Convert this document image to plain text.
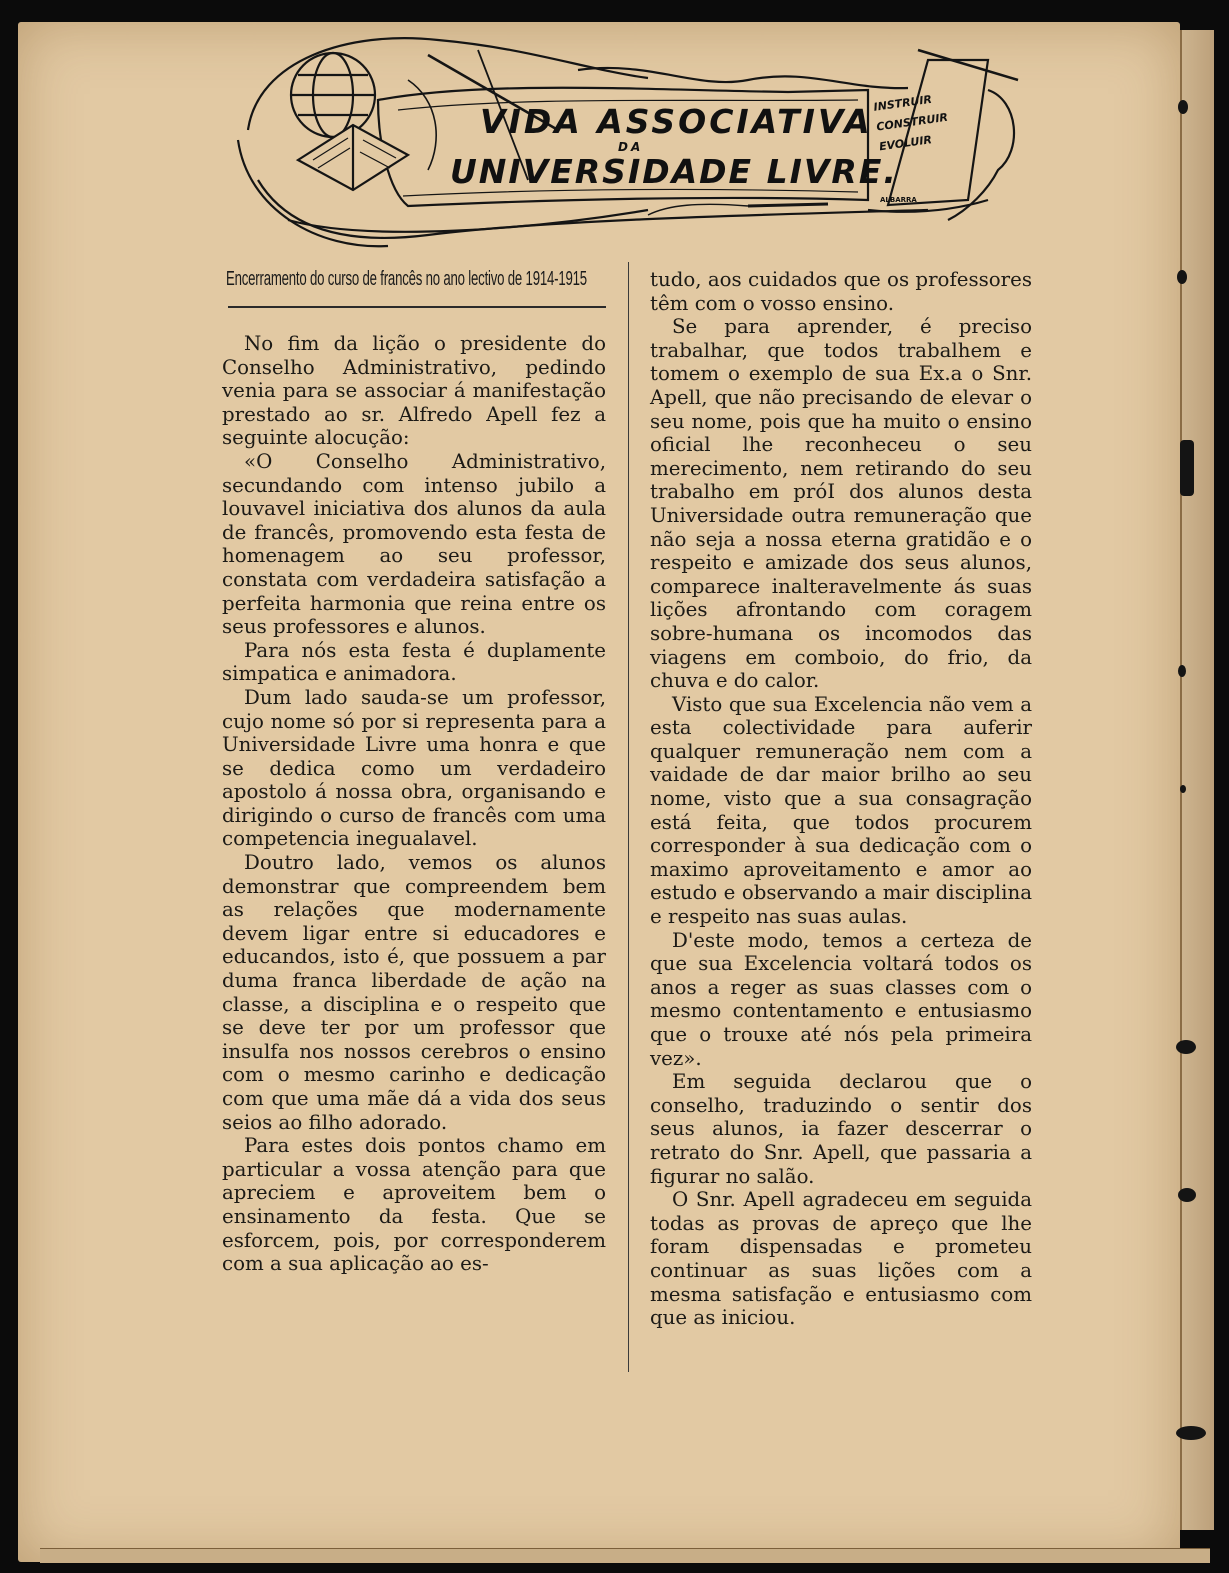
VIDA ASSOCIATIVA
DA
UNIVERSIDADE LIVRE.
INSTRUIR
CONSTRUIR
EVOLUIR
ALBARRA
Encerramento do curso de francês no ano lectivo de 1914-1915

No fim da lição o presidente do Conselho Administrativo, pedindo venia para se associar á manifestação prestado ao sr. Alfredo Apell fez a seguinte alocução:

«O Conselho Administrativo, secundando com intenso jubilo a louvavel iniciativa dos alunos da aula de francês, promovendo esta festa de homenagem ao seu professor, constata com verdadeira satisfação a perfeita harmonia que reina entre os seus professores e alunos.

Para nós esta festa é duplamente simpatica e animadora.

Dum lado sauda-se um professor, cujo nome só por si representa para a Universidade Livre uma honra e que se dedica como um verdadeiro apostolo á nossa obra, organisando e dirigindo o curso de francês com uma competencia inegualavel.

Doutro lado, vemos os alunos demonstrar que compreendem bem as relações que modernamente devem ligar entre si educadores e educandos, isto é, que possuem a par duma franca liberdade de ação na classe, a disciplina e o respeito que se deve ter por um professor que insulfa nos nossos cerebros o ensino com o mesmo carinho e dedicação com que uma mãe dá a vida dos seus seios ao filho adorado.

Para estes dois pontos chamo em particular a vossa atenção para que apreciem e aproveitem bem o ensinamento da festa. Que se esforcem, pois, por corresponderem com a sua aplicação ao es-

tudo, aos cuidados que os professores têm com o vosso ensino.

Se para aprender, é preciso trabalhar, que todos trabalhem e tomem o exemplo de sua Ex.a o Snr. Apell, que não precisando de elevar o seu nome, pois que ha muito o ensino oficial lhe reconheceu o seu merecimento, nem retirando do seu trabalho em próI dos alunos desta Universidade outra remuneração que não seja a nossa eterna gratidão e o respeito e amizade dos seus alunos, comparece inalteravelmente ás suas lições afrontando com coragem sobre-humana os incomodos das viagens em comboio, do frio, da chuva e do calor.

Visto que sua Excelencia não vem a esta colectividade para auferir qualquer remuneração nem com a vaidade de dar maior brilho ao seu nome, visto que a sua consagração está feita, que todos procurem corresponder à sua dedicação com o maximo aproveitamento e amor ao estudo e observando a mair disciplina e respeito nas suas aulas.

D'este modo, temos a certeza de que sua Excelencia voltará todos os anos a reger as suas classes com o mesmo contentamento e entusiasmo que o trouxe até nós pela primeira vez».

Em seguida declarou que o conselho, traduzindo o sentir dos seus alunos, ia fazer descerrar o retrato do Snr. Apell, que passaria a figurar no salão.

O Snr. Apell agradeceu em seguida todas as provas de apreço que lhe foram dispensadas e prometeu continuar as suas lições com a mesma satisfação e entusiasmo com que as iniciou.
